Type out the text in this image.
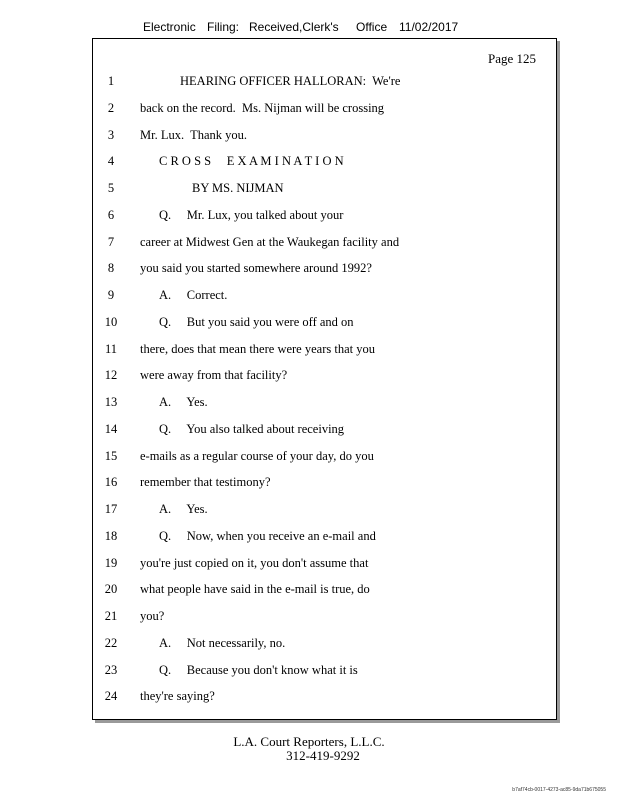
Electronic Filing: Received,Clerk's Office 11/02/2017
Page 125
1	HEARING OFFICER HALLORAN:  We're
2	back on the record.  Ms. Nijman will be crossing
3	Mr. Lux.  Thank you.
4	C R O S S     E X A M I N A T I O N
5	BY MS. NIJMAN
6	Q.     Mr. Lux, you talked about your
7	career at Midwest Gen at the Waukegan facility and
8	you said you started somewhere around 1992?
9	A.     Correct.
10	Q.     But you said you were off and on
11	there, does that mean there were years that you
12	were away from that facility?
13	A.     Yes.
14	Q.     You also talked about receiving
15	e-mails as a regular course of your day, do you
16	remember that testimony?
17	A.     Yes.
18	Q.     Now, when you receive an e-mail and
19	you're just copied on it, you don't assume that
20	what people have said in the e-mail is true, do
21	you?
22	A.     Not necessarily, no.
23	Q.     Because you don't know what it is
24	they're saying?
L.A. Court Reporters, L.L.C.
312-419-9292
b7af74cb-0017-4273-ac85-9da71b675055
